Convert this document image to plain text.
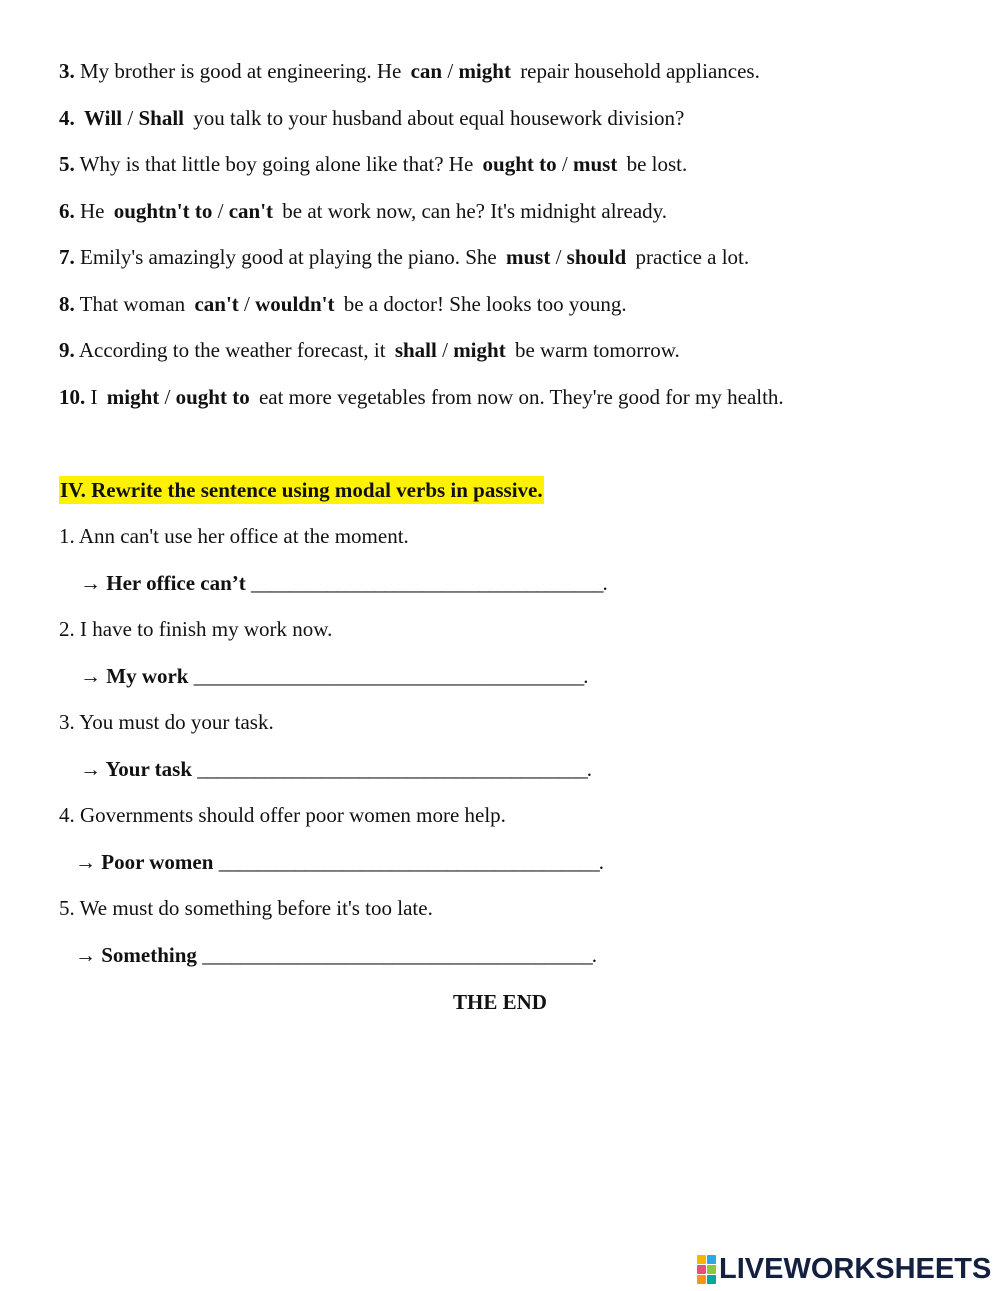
3. My brother is good at engineering. He can / might repair household appliances.
4. Will / Shall you talk to your husband about equal housework division?
5. Why is that little boy going alone like that? He ought to / must be lost.
6. He oughtn't to / can't be at work now, can he? It's midnight already.
7. Emily's amazingly good at playing the piano. She must / should practice a lot.
8. That woman can't / wouldn't be a doctor! She looks too young.
9. According to the weather forecast, it shall / might be warm tomorrow.
10. I might / ought to eat more vegetables from now on. They're good for my health.
IV. Rewrite the sentence using modal verbs in passive.
1. Ann can't use her office at the moment.
→ Her office can’t _____________________________________.
2. I have to finish my work now.
→ My work _________________________________________.
3. You must do your task.
→ Your task _________________________________________.
4. Governments should offer poor women more help.
→ Poor women ________________________________________.
5. We must do something before it's too late.
→ Something _________________________________________.
THE END
LIVEWORKSHEETS
